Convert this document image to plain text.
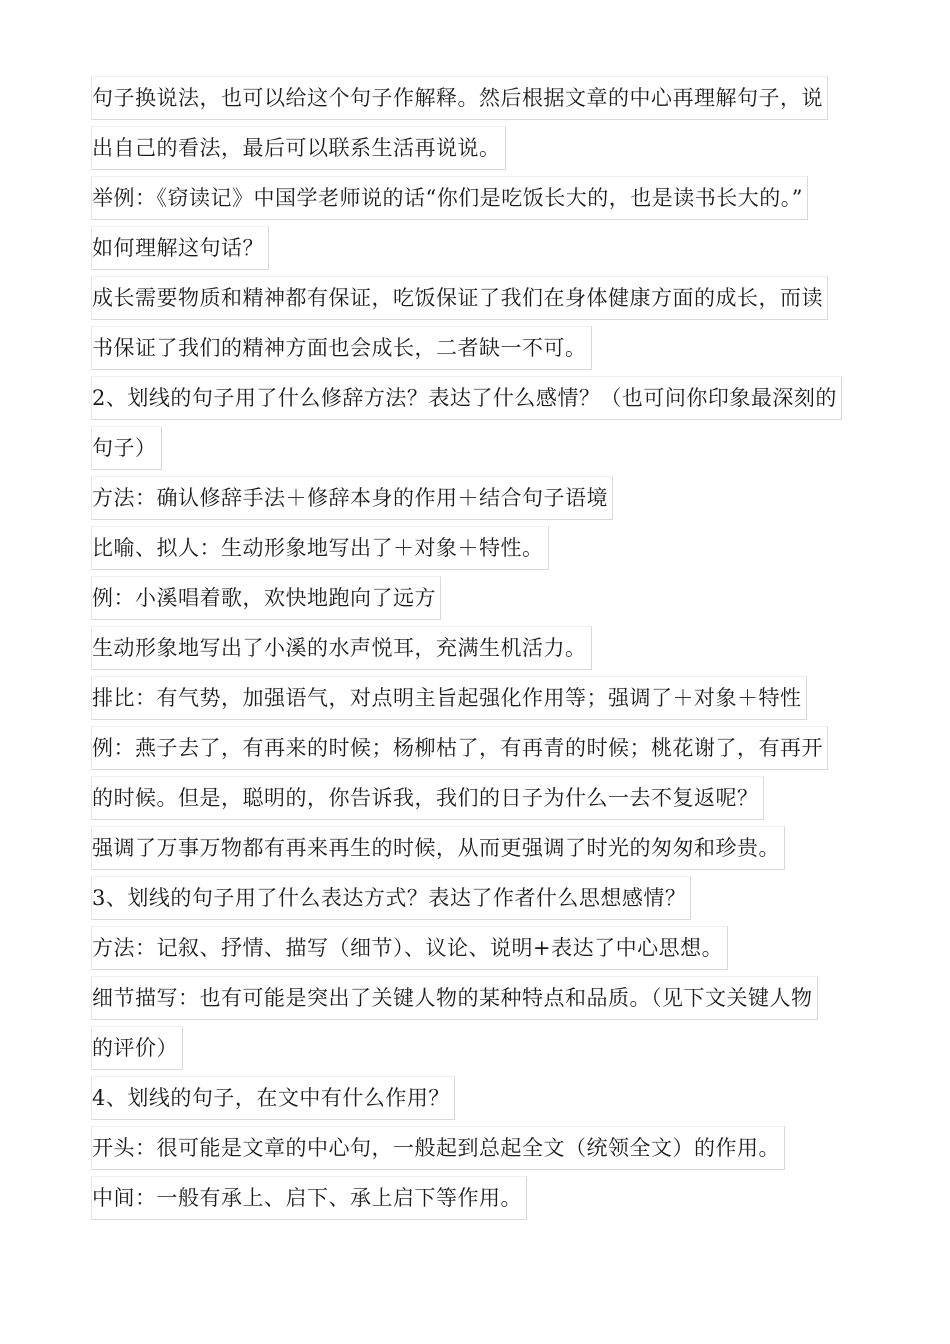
句子换说法，也可以给这个句子作解释。然后根据文章的中心再理解句子，说
出自己的看法，最后可以联系生活再说说。
举例：《窃读记》中国学老师说的话“你们是吃饭长大的，也是读书长大的。”
如何理解这句话？
成长需要物质和精神都有保证，吃饭保证了我们在身体健康方面的成长，而读
书保证了我们的精神方面也会成长，二者缺一不可。
2、划线的句子用了什么修辞方法？表达了什么感情？（也可问你印象最深刻的
句子）
方法：确认修辞手法＋修辞本身的作用＋结合句子语境
比喻、拟人：生动形象地写出了＋对象＋特性。
例：小溪唱着歌，欢快地跑向了远方
生动形象地写出了小溪的水声悦耳，充满生机活力。
排比：有气势，加强语气，对点明主旨起强化作用等；强调了＋对象＋特性
例：燕子去了，有再来的时候；杨柳枯了，有再青的时候；桃花谢了，有再开
的时候。但是，聪明的，你告诉我，我们的日子为什么一去不复返呢？
强调了万事万物都有再来再生的时候，从而更强调了时光的匆匆和珍贵。
3、划线的句子用了什么表达方式？表达了作者什么思想感情？
方法：记叙、抒情、描写（细节）、议论、说明+表达了中心思想。
细节描写：也有可能是突出了关键人物的某种特点和品质。（见下文关键人物
的评价）
4、划线的句子，在文中有什么作用？
开头：很可能是文章的中心句，一般起到总起全文（统领全文）的作用。
中间：一般有承上、启下、承上启下等作用。
